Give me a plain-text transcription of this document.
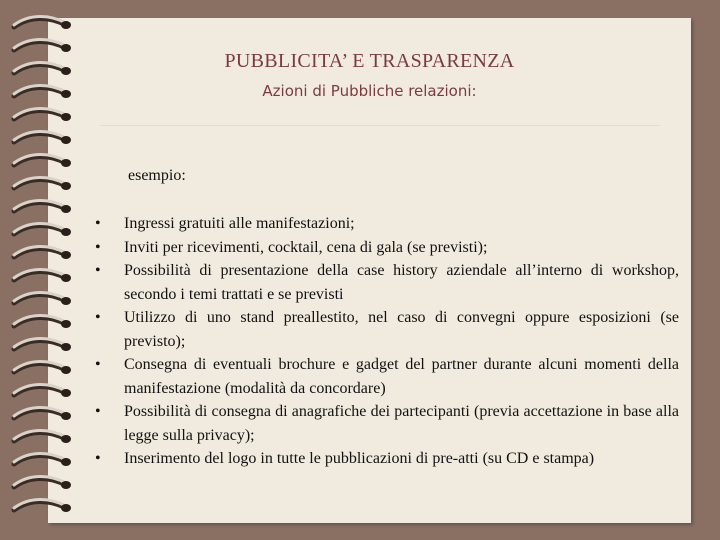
PUBBLICITA’ E TRASPARENZA
Azioni di Pubbliche relazioni:
esempio:
• Ingressi gratuiti alle manifestazioni;
• Inviti per ricevimenti, cocktail, cena di gala (se previsti);
• Possibilità di presentazione della case history aziendale all’interno di workshop, secondo i temi trattati e se previsti
• Utilizzo di uno stand preallestito, nel caso di convegni oppure esposizioni (se previsto);
• Consegna di eventuali brochure e gadget del partner durante alcuni momenti della manifestazione (modalità da concordare)
• Possibilità di consegna di anagrafiche dei partecipanti (previa accettazione in base alla legge sulla privacy);
• Inserimento del logo in tutte le pubblicazioni di pre-atti (su CD e stampa)
